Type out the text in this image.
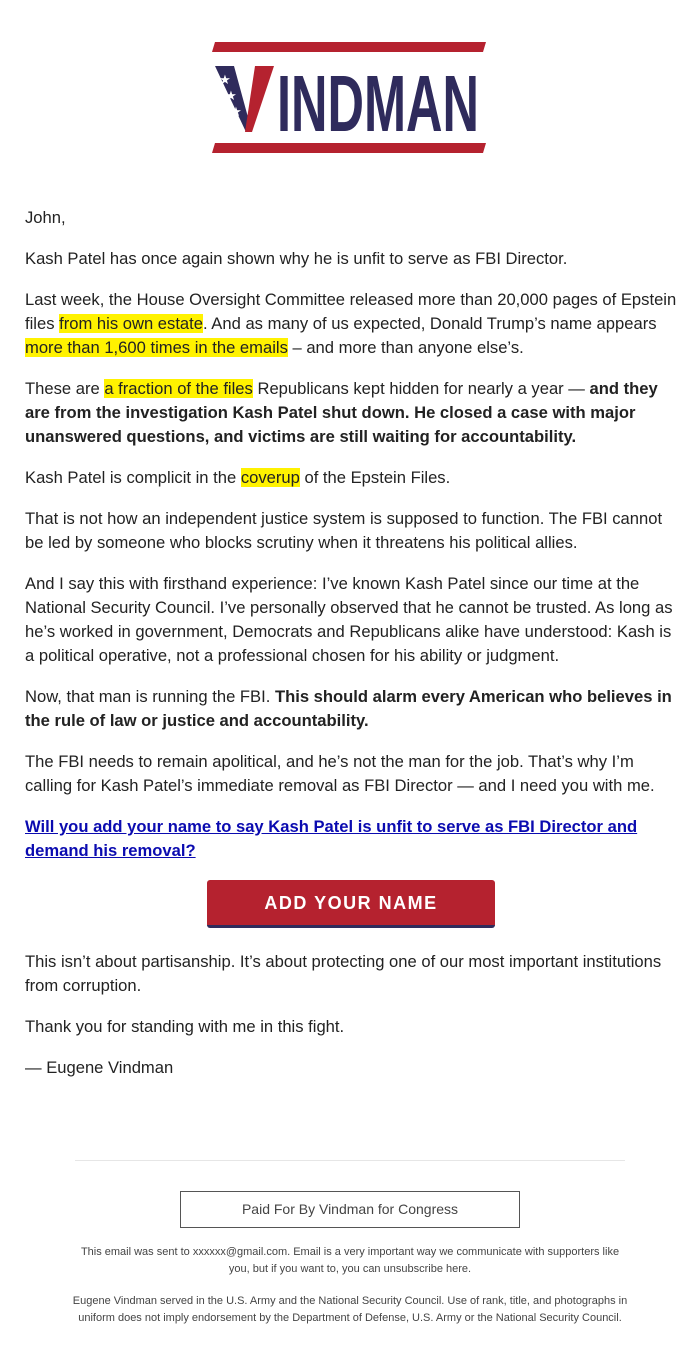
★
★
★ INDMAN

John,

Kash Patel has once again shown why he is unfit to serve as FBI Director.

Last week, the House Oversight Committee released more than 20,000 pages of Epstein files from his own estate. And as many of us expected, Donald Trump’s name appears more than 1,600 times in the emails – and more than anyone else’s.

These are a fraction of the files Republicans kept hidden for nearly a year — and they are from the investigation Kash Patel shut down. He closed a case with major unanswered questions, and victims are still waiting for accountability.

Kash Patel is complicit in the coverup of the Epstein Files.

That is not how an independent justice system is supposed to function. The FBI cannot be led by someone who blocks scrutiny when it threatens his political allies.

And I say this with firsthand experience: I’ve known Kash Patel since our time at the National Security Council. I’ve personally observed that he cannot be trusted. As long as he’s worked in government, Democrats and Republicans alike have understood: Kash is a political operative, not a professional chosen for his ability or judgment.

Now, that man is running the FBI. This should alarm every American who believes in the rule of law or justice and accountability.

The FBI needs to remain apolitical, and he’s not the man for the job. That’s why I’m calling for Kash Patel’s immediate removal as FBI Director — and I need you with me.

Will you add your name to say Kash Patel is unfit to serve as FBI Director and demand his removal?

ADD YOUR NAME

This isn’t about partisanship. It’s about protecting one of our most important institutions from corruption.

Thank you for standing with me in this fight.

— Eugene Vindman

Paid For By Vindman for Congress
This email was sent to xxxxxx@gmail.com. Email is a very important way we communicate with supporters like you, but if you want to, you can unsubscribe here.
Eugene Vindman served in the U.S. Army and the National Security Council. Use of rank, title, and photographs in uniform does not imply endorsement by the Department of Defense, U.S. Army or the National Security Council.
